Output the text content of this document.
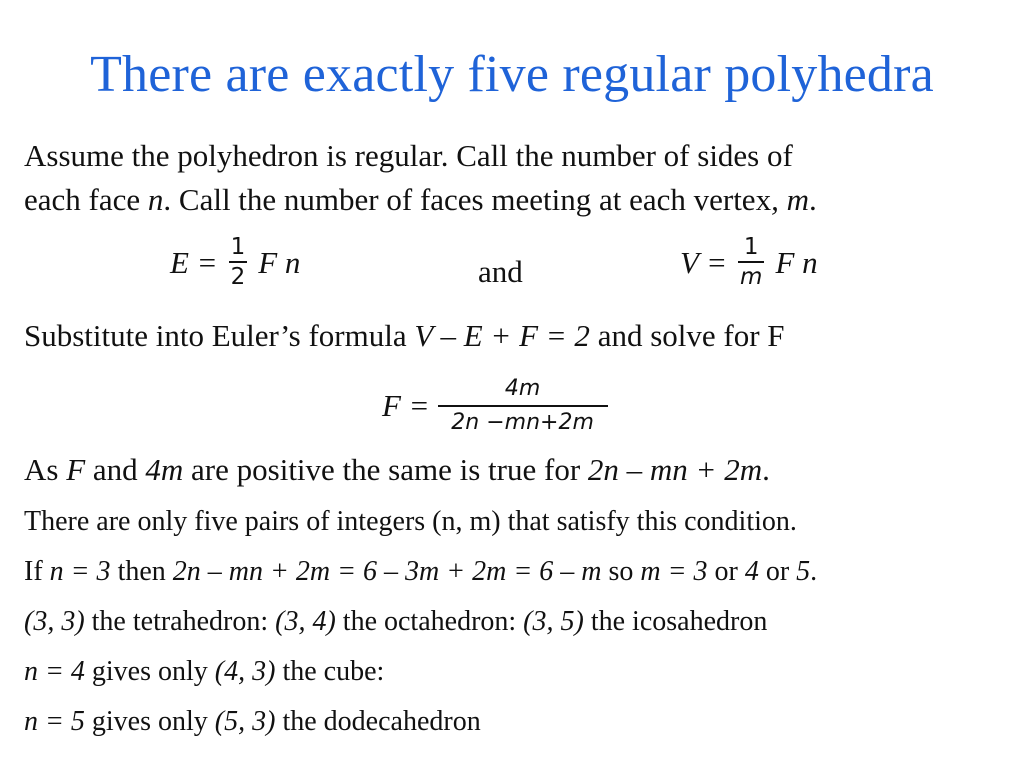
There are exactly five regular polyhedra
Assume the polyhedron is regular. Call the number of sides of
each face n. Call the number of faces meeting at each vertex, m.
$E = \frac{1}{2}$ F n	and	$V = \frac{1}{m}$ F n
Substitute into Euler’s formula V – E + F = 2 and solve for F
$F = \frac{4m}{2n -mn+2m}$
As F and 4m are positive the same is true for 2n – mn + 2m.
There are only five pairs of integers (n, m) that satisfy this condition.
If n = 3 then 2n – mn + 2m = 6 – 3m + 2m = 6 – m so m = 3 or 4 or 5.
(3, 3) the tetrahedron: (3, 4) the octahedron: (3, 5) the icosahedron
n = 4 gives only (4, 3) the cube:
n = 5 gives only (5, 3) the dodecahedron
